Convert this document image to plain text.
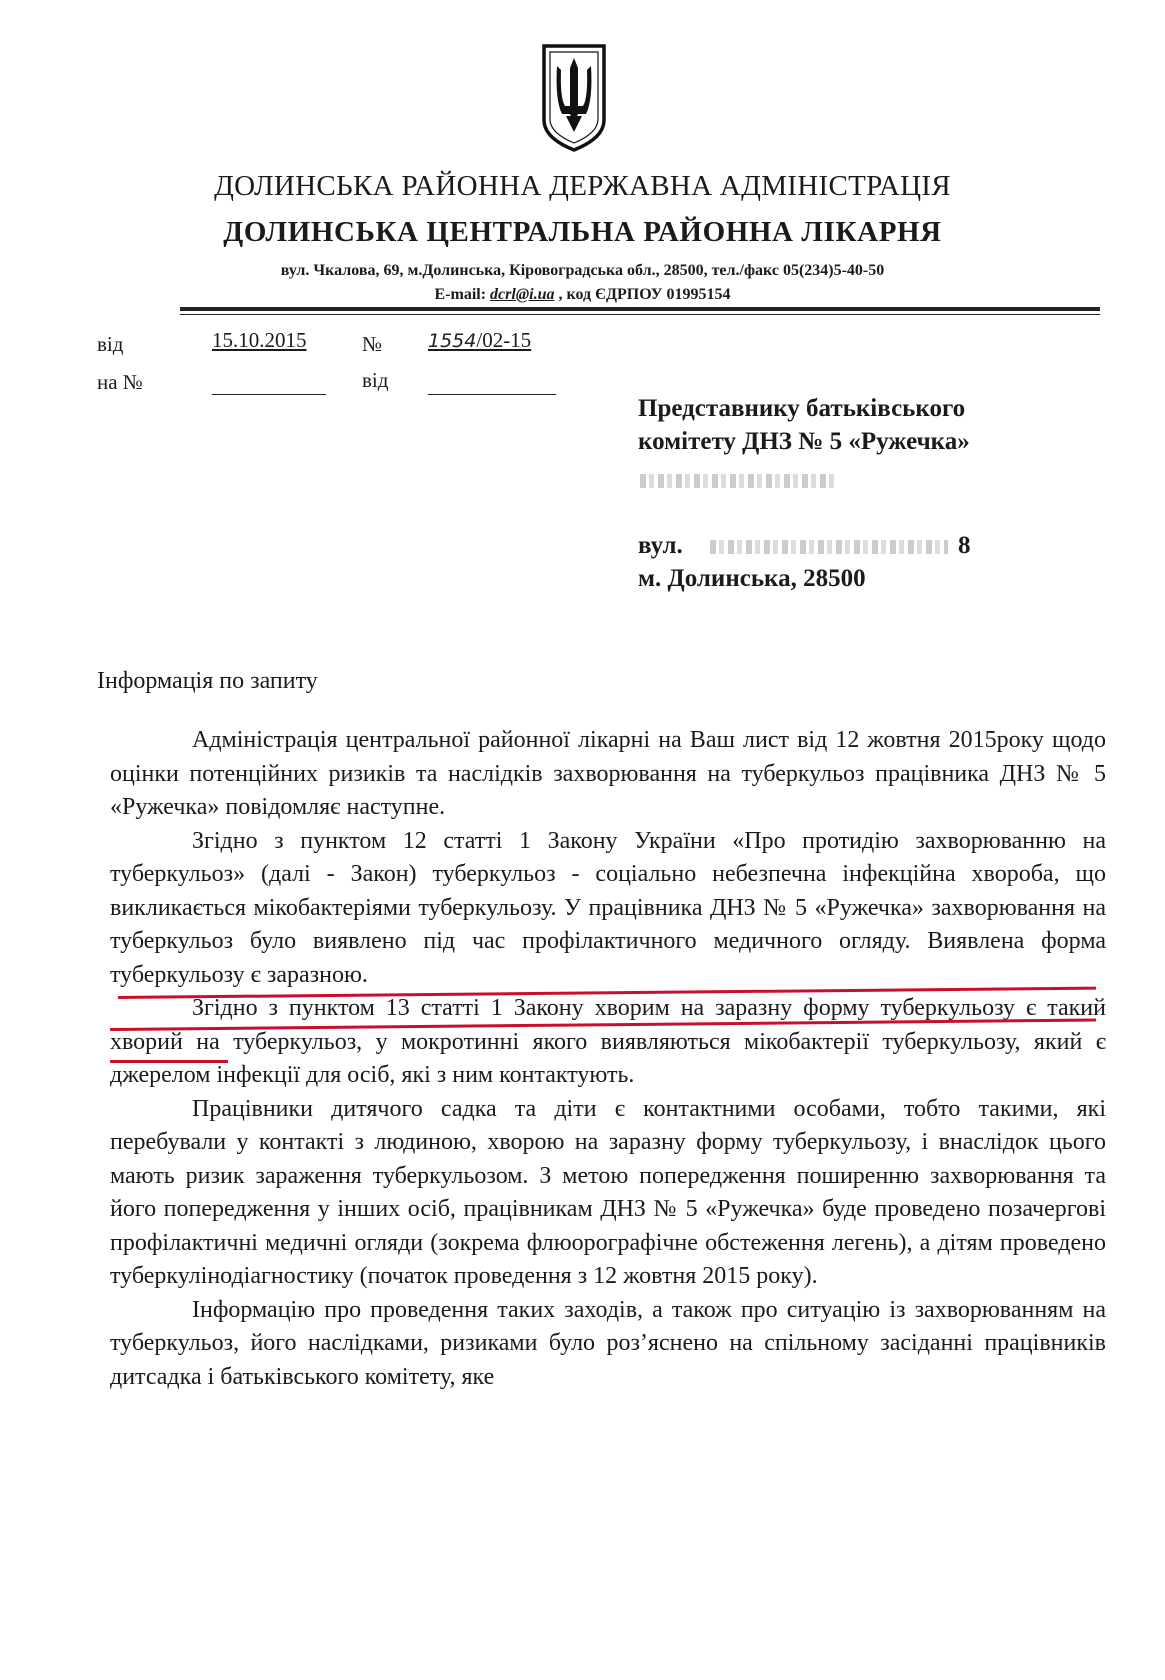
ДОЛИНСЬКА РАЙОННА ДЕРЖАВНА АДМІНІСТРАЦІЯ
ДОЛИНСЬКА ЦЕНТРАЛЬНА РАЙОННА ЛІКАРНЯ
вул. Чкалова, 69, м.Долинська, Кіровоградська обл., 28500, тел./факс 05(234)5-40-50
E-mail: dcrl@i.ua , код ЄДРПОУ 01995154
від	15.10.2015	№ 1554/02-15
на №	від
Представнику батьківського
комітету ДНЗ № 5 «Ружечка»
вул.	8
м. Долинська, 28500
Інформація по запиту

Адміністрація центральної районної лікарні на Ваш лист від 12 жовтня 2015року щодо оцінки потенційних ризиків та наслідків захворювання на туберкульоз працівника ДНЗ № 5 «Ружечка» повідомляє наступне.

Згідно з пунктом 12 статті 1 Закону України «Про протидію захворюванню на туберкульоз» (далі - Закон) туберкульоз - соціально небезпечна інфекційна хвороба, що викликається мікобактеріями туберкульозу. У працівника ДНЗ № 5 «Ружечка» захворювання на туберкульоз було виявлено під час профілактичного медичного огляду. Виявлена форма туберкульозу є заразною.

Згідно з пунктом 13 статті 1 Закону хворим на заразну форму туберкульозу є такий хворий на туберкульоз, у мокротинні якого виявляються мікобактерії туберкульозу, який є джерелом інфекції для осіб, які з ним контактують.

Працівники дитячого садка та діти є контактними особами, тобто такими, які перебували у контакті з людиною, хворою на заразну форму туберкульозу, і внаслідок цього мають ризик зараження туберкульозом. З метою попередження поширенню захворювання та його попередження у інших осіб, працівникам ДНЗ № 5 «Ружечка» буде проведено позачергові профілактичні медичні огляди (зокрема флюорографічне обстеження легень), а дітям проведено туберкулінодіагностику (початок проведення з 12 жовтня 2015 року).

Інформацію про проведення таких заходів, а також про ситуацію із захворюванням на туберкульоз, його наслідками, ризиками було роз’яснено на спільному засіданні працівників дитсадка і батьківського комітету, яке
